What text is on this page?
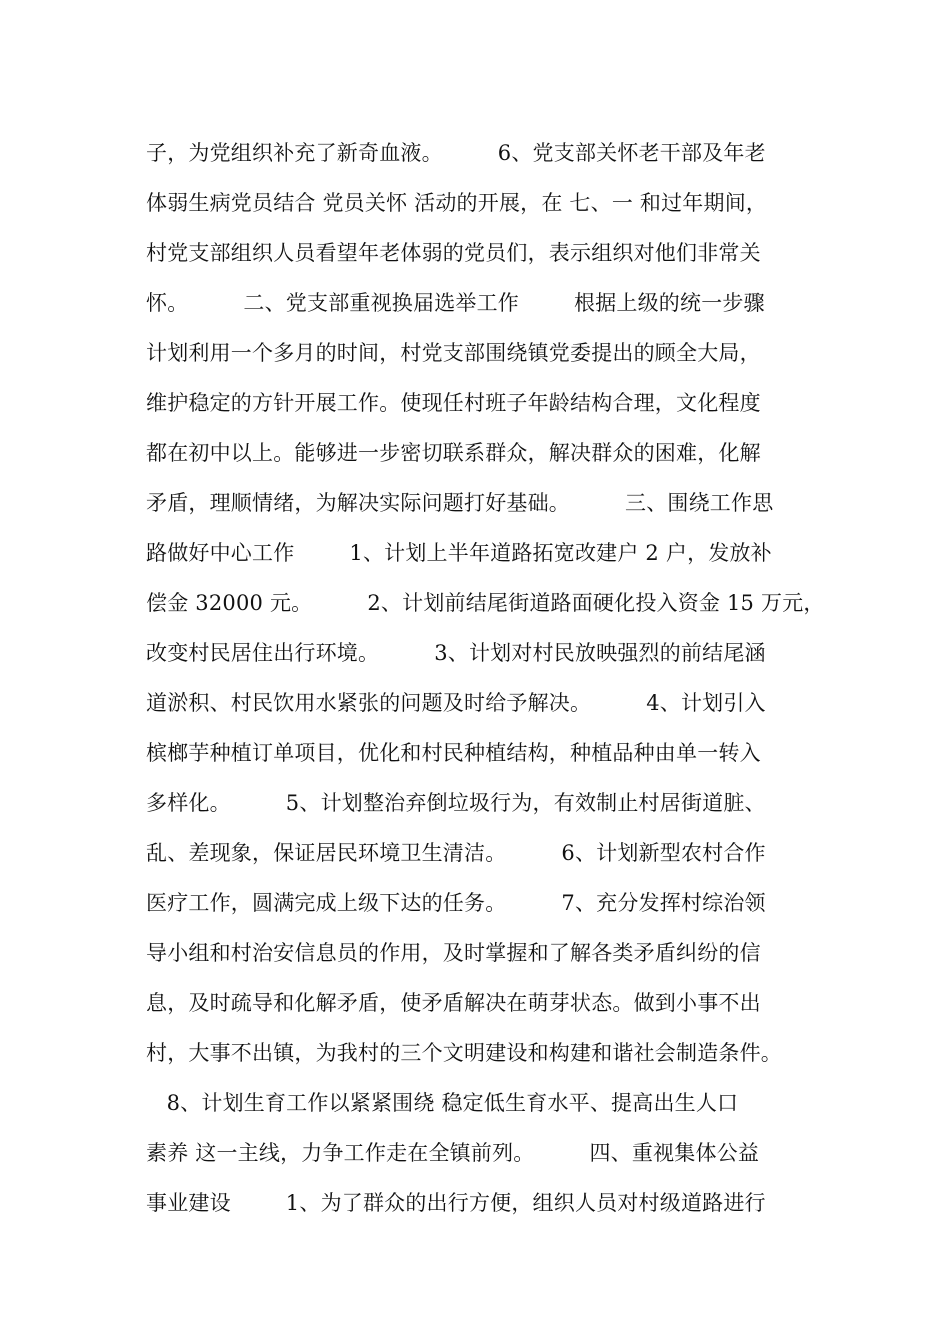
子，为党组织补充了新奇血液。        6、党支部关怀老干部及年老
体弱生病党员结合 党员关怀 活动的开展，在 七、一 和过年期间，
村党支部组织人员看望年老体弱的党员们，表示组织对他们非常关
怀。        二、党支部重视换届选举工作        根据上级的统一步骤
计划利用一个多月的时间，村党支部围绕镇党委提出的顾全大局，
维护稳定的方针开展工作。使现任村班子年龄结构合理，文化程度
都在初中以上。能够进一步密切联系群众，解决群众的困难，化解
矛盾，理顺情绪，为解决实际问题打好基础。        三、围绕工作思
路做好中心工作        1、计划上半年道路拓宽改建户 2 户，发放补
偿金 32000 元。        2、计划前结尾街道路面硬化投入资金 15 万元，
改变村民居住出行环境。        3、计划对村民放映强烈的前结尾涵
道淤积、村民饮用水紧张的问题及时给予解决。        4、计划引入
槟榔芋种植订单项目，优化和村民种植结构，种植品种由单一转入
多样化。        5、计划整治弃倒垃圾行为，有效制止村居街道脏、
乱、差现象，保证居民环境卫生清洁。        6、计划新型农村合作
医疗工作，圆满完成上级下达的任务。        7、充分发挥村综治领
导小组和村治安信息员的作用，及时掌握和了解各类矛盾纠纷的信
息，及时疏导和化解矛盾，使矛盾解决在萌芽状态。做到小事不出
村，大事不出镇，为我村的三个文明建设和构建和谐社会制造条件。
8、计划生育工作以紧紧围绕 稳定低生育水平、提高出生人口
素养 这一主线，力争工作走在全镇前列。        四、重视集体公益
事业建设        1、为了群众的出行方便，组织人员对村级道路进行
